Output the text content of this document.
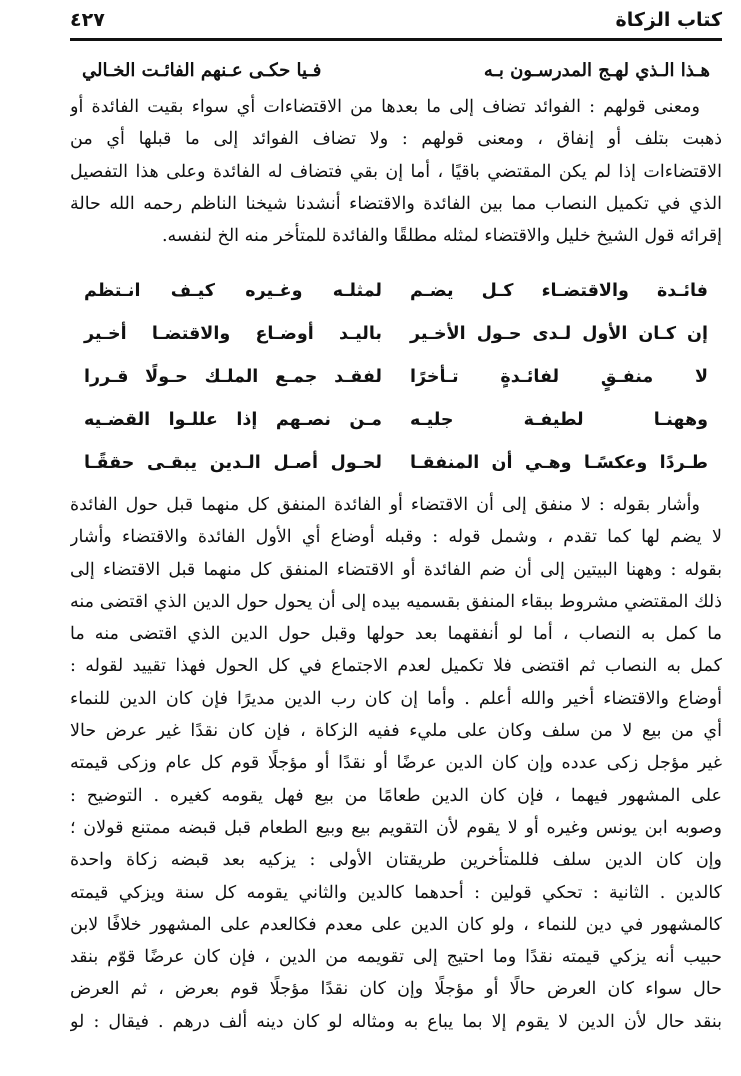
كتاب الزكاة
٤٢٧
هـذا الـذي لهـج المدرسـون بـه
فـيا حكـى عـنهم الفائـت الخـالي
ومعنى قولهم : الفوائد تضاف إلى ما بعدها من الاقتضاءات أي سواء بقيت الفائدة أو
ذهبت بتلف أو إنفاق ، ومعنى قولهم : ولا تضاف الفوائد إلى ما قبلها أي من
الاقتضاءات إذا لم يكن المقتضي باقيًا ، أما إن بقي فتضاف له الفائدة وعلى هذا التفصيل
الذي في تكميل النصاب مما بين الفائدة والاقتضاء أنشدنا شيخنا الناظم رحمه الله حالة
إقرائه قول الشيخ خليل والاقتضاء لمثله مطلقًا والفائدة للمتأخر منه الخ لنفسه.
فائـدة والاقتضـاء كـل يضـم
لمثلـه وغـيره كيـف انـتظم
إن كـان الأول لـدى حـول الأخـير
باليـد أوضـاع والاقتضـا أخـير
لا منفـقٍ لفائـدةٍ تـأخرًا
لفقـد جمـع الملـك حـولًا قـررا
وههنـا لطيفـة جليـه
مـن نصـهم إذا عللـوا القضـيه
طـردًا وعكسًـا وهـي أن المنفقـا
لحـول أصـل الـدين يبقـى حققًـا
وأشار بقوله : لا منفق إلى أن الاقتضاء أو الفائدة المنفق كل منهما قبل حول الفائدة
لا يضم لها كما تقدم ، وشمل قوله : وقبله أوضاع أي الأول الفائدة والاقتضاء وأشار
بقوله : وههنا البيتين إلى أن ضم الفائدة أو الاقتضاء المنفق كل منهما قبل الاقتضاء إلى
ذلك المقتضي مشروط ببقاء المنفق بقسميه بيده إلى أن يحول حول الدين الذي اقتضى منه
ما كمل به النصاب ، أما لو أنفقهما بعد حولها وقبل حول الدين الذي اقتضى منه ما
كمل به النصاب ثم اقتضى فلا تكميل لعدم الاجتماع في كل الحول فهذا تقييد لقوله :
أوضاع والاقتضاء أخير والله أعلم . وأما إن كان رب الدين مديرًا فإن كان الدين للنماء
أي من بيع لا من سلف وكان على مليء ففيه الزكاة ، فإن كان نقدًا غير عرض حالا
غير مؤجل زكى عدده وإن كان الدين عرضًا أو نقدًا أو مؤجلًا قوم كل عام وزكى قيمته
على المشهور فيهما ، فإن كان الدين طعامًا من بيع فهل يقومه كغيره . التوضيح :
وصوبه ابن يونس وغيره أو لا يقوم لأن التقويم بيع وبيع الطعام قبل قبضه ممتنع قولان ؛
وإن كان الدين سلف فللمتأخرين طريقتان الأولى : يزكيه بعد قبضه زكاة واحدة
كالدين . الثانية : تحكي قولين : أحدهما كالدين والثاني يقومه كل سنة ويزكي قيمته
كالمشهور في دين للنماء ، ولو كان الدين على معدم فكالعدم على المشهور خلافًا لابن
حبيب أنه يزكي قيمته نقدًا وما احتيج إلى تقويمه من الدين ، فإن كان عرضًا قوّم بنقد
حال سواء كان العرض حالًا أو مؤجلًا وإن كان نقدًا مؤجلًا قوم بعرض ، ثم العرض
بنقد حال لأن الدين لا يقوم إلا بما يباع به ومثاله لو كان دينه ألف درهم . فيقال : لو
